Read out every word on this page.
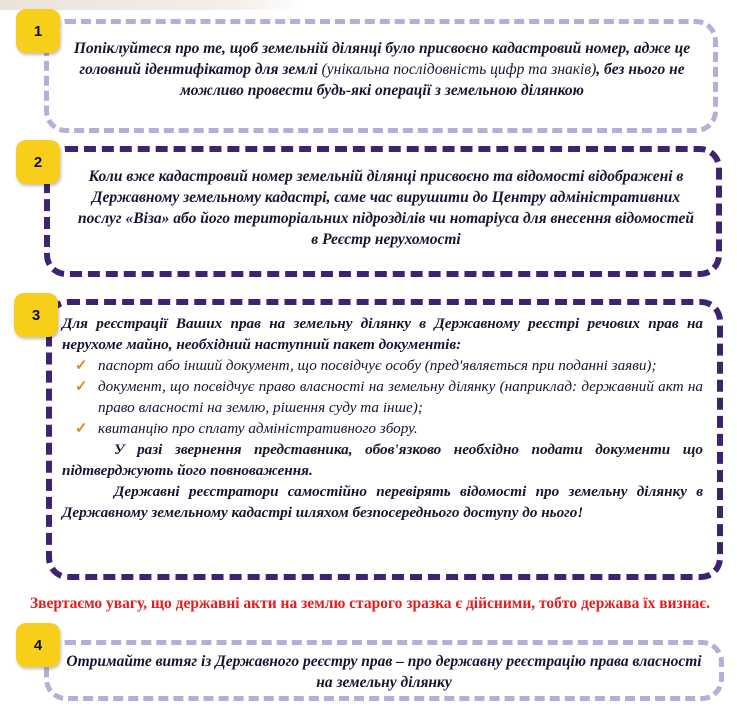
Попіклуйтеся про те, щоб земельній ділянці було присвоєно кадастровий номер, адже це головний ідентифікатор для землі (унікальна послідовність цифр та знаків), без нього не можливо провести будь-які операції з земельною ділянкою
1
Коли вже кадастровий номер земельній ділянці присвоєно та відомості відображені в Державному земельному кадастрі, саме час вирушити до Центру адміністративних послуг «Віза» або його територіальних підрозділів чи нотаріуса для внесення відомостей в Реєстр нерухомості
2

Для реєстрації Ваших прав на земельну ділянку в Державному реєстрі речових прав на нерухоме майно, необхідний наступний пакет документів:

✓ паспорт або інший документ, що посвідчує особу (пред'являється при поданні заяви);
✓ документ, що посвідчує право власності на земельну ділянку (наприклад: державний акт на право власності на землю, рішення суду та інше);
✓ квитанцію про сплату адміністративного збору.

У разі звернення представника, обов'язково необхідно подати документи що підтверджують його повноваження.

Державні реєстратори самостійно перевірять відомості про земельну ділянку в Державному земельному кадастрі шляхом безпосереднього доступу до нього!

3
Звертаємо увагу, що державні акти на землю старого зразка є дійсними, тобто держава їх визнає.
Отримайте витяг із Державного реєстру прав – про державну реєстрацію права власності на земельну ділянку
4
